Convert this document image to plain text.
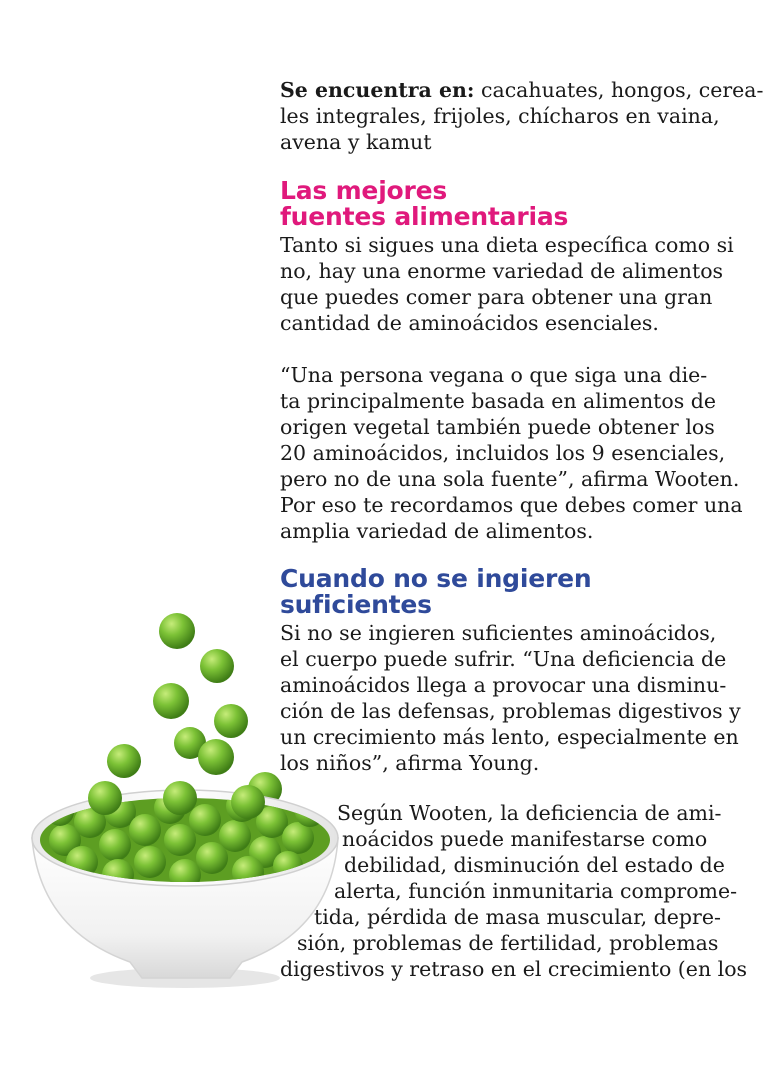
Se encuentra en: cacahuates, hongos, cerea-
les integrales, frijoles, chícharos en vaina,
avena y kamut

Las mejores
fuentes alimentarias

Tanto si sigues una dieta específica como si
no, hay una enorme variedad de alimentos
que puedes comer para obtener una gran
cantidad de aminoácidos esenciales.

“Una persona vegana o que siga una die-
ta principalmente basada en alimentos de
origen vegetal también puede obtener los
20 aminoácidos, incluidos los 9 esenciales,
pero no de una sola fuente”, afirma Wooten.
Por eso te recordamos que debes comer una
amplia variedad de alimentos.

Cuando no se ingieren
suficientes

Si no se ingieren suficientes aminoácidos,
el cuerpo puede sufrir. “Una deficiencia de
aminoácidos llega a provocar una disminu-
ción de las defensas, problemas digestivos y
un crecimiento más lento, especialmente en
los niños”, afirma Young.

Según Wooten, la deficiencia de ami-
noácidos puede manifestarse como
debilidad, disminución del estado de
alerta, función inmunitaria comprome-
tida, pérdida de masa muscular, depre-
sión, problemas de fertilidad, problemas
digestivos y retraso en el crecimiento (en los
